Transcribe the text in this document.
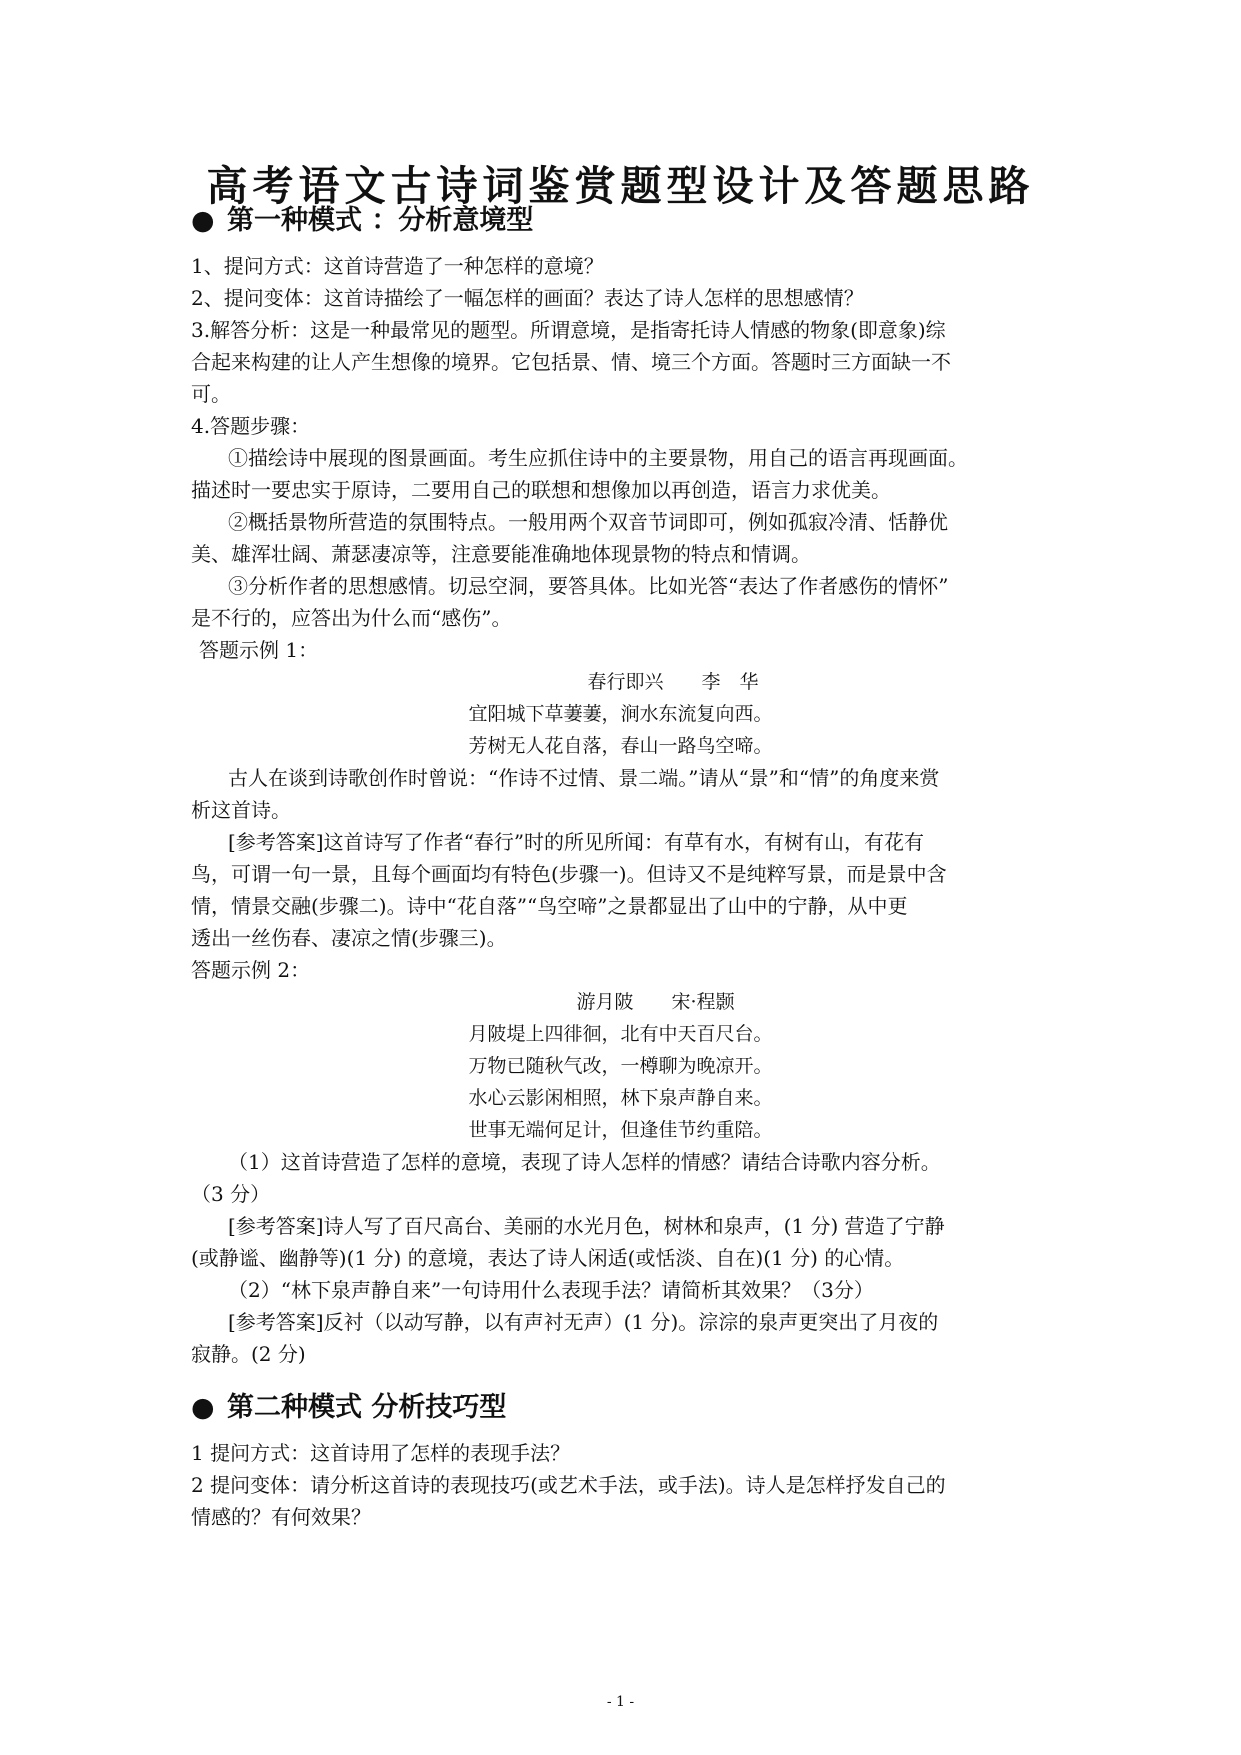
高考语文古诗词鉴赏题型设计及答题思路
● 第一种模式 ：分析意境型
1、提问方式：这首诗营造了一种怎样的意境？
2、提问变体：这首诗描绘了一幅怎样的画面？表达了诗人怎样的思想感情？
3.解答分析：这是一种最常见的题型。所谓意境，是指寄托诗人情感的物象(即意象)综
合起来构建的让人产生想像的境界。它包括景、情、境三个方面。答题时三方面缺一不
可。
4.答题步骤：
①描绘诗中展现的图景画面。考生应抓住诗中的主要景物，用自己的语言再现画面。
描述时一要忠实于原诗，二要用自己的联想和想像加以再创造，语言力求优美。
②概括景物所营造的氛围特点。一般用两个双音节词即可，例如孤寂冷清、恬静优
美、雄浑壮阔、萧瑟凄凉等，注意要能准确地体现景物的特点和情调。
③分析作者的思想感情。切忌空洞，要答具体。比如光答“表达了作者感伤的情怀”
是不行的，应答出为什么而“感伤”。
答题示例 1：
春行即兴　　李　华
宜阳城下草萋萋，涧水东流复向西。
芳树无人花自落，春山一路鸟空啼。
古人在谈到诗歌创作时曾说：“作诗不过情、景二端。”请从“景”和“情”的角度来赏
析这首诗。
[参考答案]这首诗写了作者“春行”时的所见所闻：有草有水，有树有山，有花有
鸟，可谓一句一景，且每个画面均有特色(步骤一)。但诗又不是纯粹写景，而是景中含
情，情景交融(步骤二)。诗中“花自落”“鸟空啼”之景都显出了山中的宁静，从中更
透出一丝伤春、凄凉之情(步骤三)。
答题示例 2：
游月陂　　宋·程颢
月陂堤上四徘徊，北有中天百尺台。
万物已随秋气改，一樽聊为晚凉开。
水心云影闲相照，林下泉声静自来。
世事无端何足计，但逢佳节约重陪。
（1）这首诗营造了怎样的意境，表现了诗人怎样的情感？请结合诗歌内容分析。
（3 分）
[参考答案]诗人写了百尺高台、美丽的水光月色，树林和泉声，(1 分) 营造了宁静
(或静谧、幽静等)(1 分) 的意境，表达了诗人闲适(或恬淡、自在)(1 分) 的心情。
（2）“林下泉声静自来”一句诗用什么表现手法？请简析其效果？（3分）
[参考答案]反衬（以动写静，以有声衬无声）(1 分)。淙淙的泉声更突出了月夜的
寂静。(2 分)
● 第二种模式 分析技巧型
1 提问方式：这首诗用了怎样的表现手法？
2 提问变体：请分析这首诗的表现技巧(或艺术手法，或手法)。诗人是怎样抒发自己的
情感的？有何效果？
- 1 -
